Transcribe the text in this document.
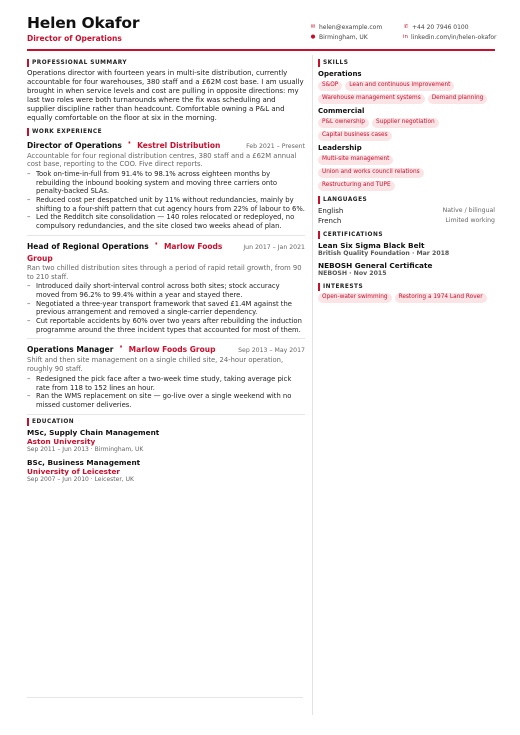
Helen Okafor
Director of Operations
✉ helen@example.com	✆ +44 20 7946 0100
● Birmingham, UK	in linkedin.com/in/helen-okafor
PROFESSIONAL SUMMARY

Operations director with fourteen years in multi-site distribution, currently accountable for four warehouses, 380 staff and a £62M cost base. I am usually brought in when service levels and cost are pulling in opposite directions: my last two roles were both turnarounds where the fix was scheduling and supplier discipline rather than headcount. Comfortable owning a P&L and equally comfortable on the floor at six in the morning.

WORK EXPERIENCE
Director of Operations · Kestrel Distribution	Feb 2021 – Present
Accountable for four regional distribution centres, 380 staff and a £62M annual cost base, reporting to the COO. Five direct reports.
– Took on-time-in-full from 91.4% to 98.1% across eighteen months by rebuilding the inbound booking system and moving three carriers onto penalty-backed SLAs.
– Reduced cost per despatched unit by 11% without redundancies, mainly by shifting to a four-shift pattern that cut agency hours from 22% of labour to 6%.
– Led the Redditch site consolidation — 140 roles relocated or redeployed, no compulsory redundancies, and the site closed two weeks ahead of plan.
Head of Regional Operations · Marlow Foods Group
Jun 2017 – Jan 2021
Ran two chilled distribution sites through a period of rapid retail growth, from 90 to 210 staff.
– Introduced daily short-interval control across both sites; stock accuracy moved from 96.2% to 99.4% within a year and stayed there.
– Negotiated a three-year transport framework that saved £1.4M against the previous arrangement and removed a single-carrier dependency.
– Cut reportable accidents by 60% over two years after rebuilding the induction programme around the three incident types that accounted for most of them.
Operations Manager · Marlow Foods Group	Sep 2013 – May 2017
Shift and then site management on a single chilled site, 24-hour operation, roughly 90 staff.
– Redesigned the pick face after a two-week time study, taking average pick rate from 118 to 152 lines an hour.
– Ran the WMS replacement on site — go-live over a single weekend with no missed customer deliveries.
EDUCATION
MSc, Supply Chain Management
Aston University
Sep 2011 – Jun 2013 · Birmingham, UK
BSc, Business Management
University of Leicester
Sep 2007 – Jun 2010 · Leicester, UK
SKILLS
Operations
S&OP	Lean and continuous improvement
Warehouse management systems	Demand planning
Commercial
P&L ownership	Supplier negotiation
Capital business cases
Leadership
Multi-site management
Union and works council relations
Restructuring and TUPE
LANGUAGES
English	Native / bilingual
French	Limited working
CERTIFICATIONS
Lean Six Sigma Black Belt
British Quality Foundation · Mar 2018
NEBOSH General Certificate
NEBOSH · Nov 2015
INTERESTS
Open-water swimming	Restoring a 1974 Land Rover
